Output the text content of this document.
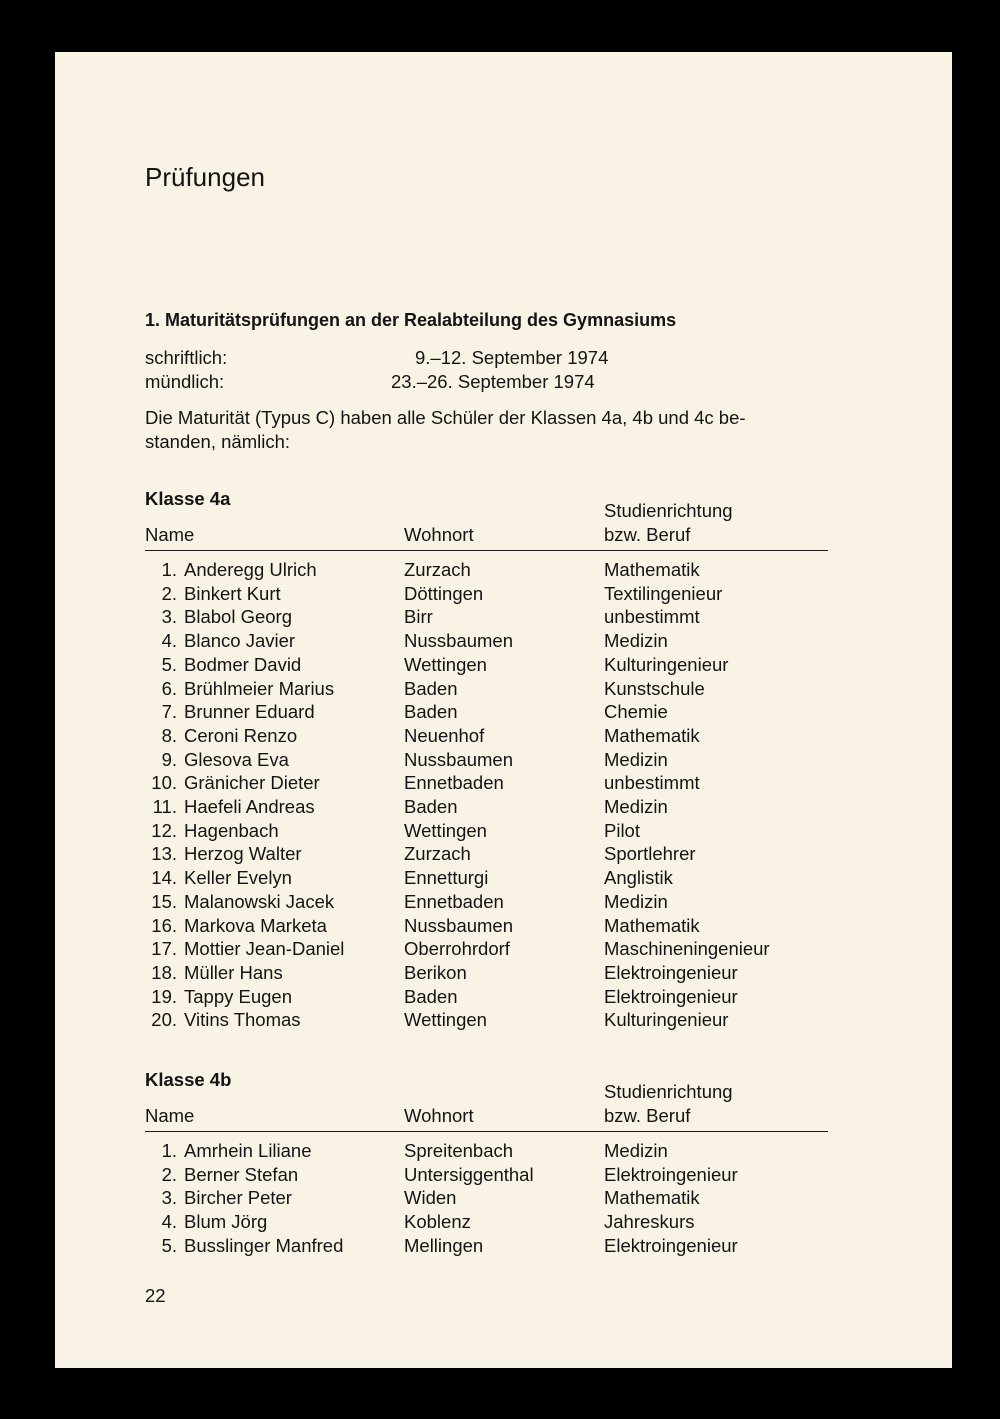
Prüfungen
1. Maturitätsprüfungen an der Realabteilung des Gymnasiums
schriftlich:	9.–12. September 1974
mündlich:	23.–26. September 1974
Die Maturität (Typus C) haben alle Schüler der Klassen 4a, 4b und 4c be-
standen, nämlich:
Klasse 4a
Studienrichtung
Name	Wohnort	bzw. Beruf
1. Anderegg Ulrich	Zurzach	Mathematik
2. Binkert Kurt	Döttingen	Textilingenieur
3. Blabol Georg	Birr	unbestimmt
4. Blanco Javier	Nussbaumen	Medizin
5. Bodmer David	Wettingen	Kulturingenieur
6. Brühlmeier Marius	Baden	Kunstschule
7. Brunner Eduard	Baden	Chemie
8. Ceroni Renzo	Neuenhof	Mathematik
9. Glesova Eva	Nussbaumen	Medizin
10. Gränicher Dieter	Ennetbaden	unbestimmt
11. Haefeli Andreas	Baden	Medizin
12. Hagenbach	Wettingen	Pilot
13. Herzog Walter	Zurzach	Sportlehrer
14. Keller Evelyn	Ennetturgi	Anglistik
15. Malanowski Jacek	Ennetbaden	Medizin
16. Markova Marketa	Nussbaumen	Mathematik
17. Mottier Jean-Daniel	Oberrohrdorf	Maschineningenieur
18. Müller Hans	Berikon	Elektroingenieur
19. Tappy Eugen	Baden	Elektroingenieur
20. Vitins Thomas	Wettingen	Kulturingenieur
Klasse 4b
Studienrichtung
Name	Wohnort	bzw. Beruf
1. Amrhein Liliane	Spreitenbach	Medizin
2. Berner Stefan	Untersiggenthal	Elektroingenieur
3. Bircher Peter	Widen	Mathematik
4. Blum Jörg	Koblenz	Jahreskurs
5. Busslinger Manfred	Mellingen	Elektroingenieur
22
